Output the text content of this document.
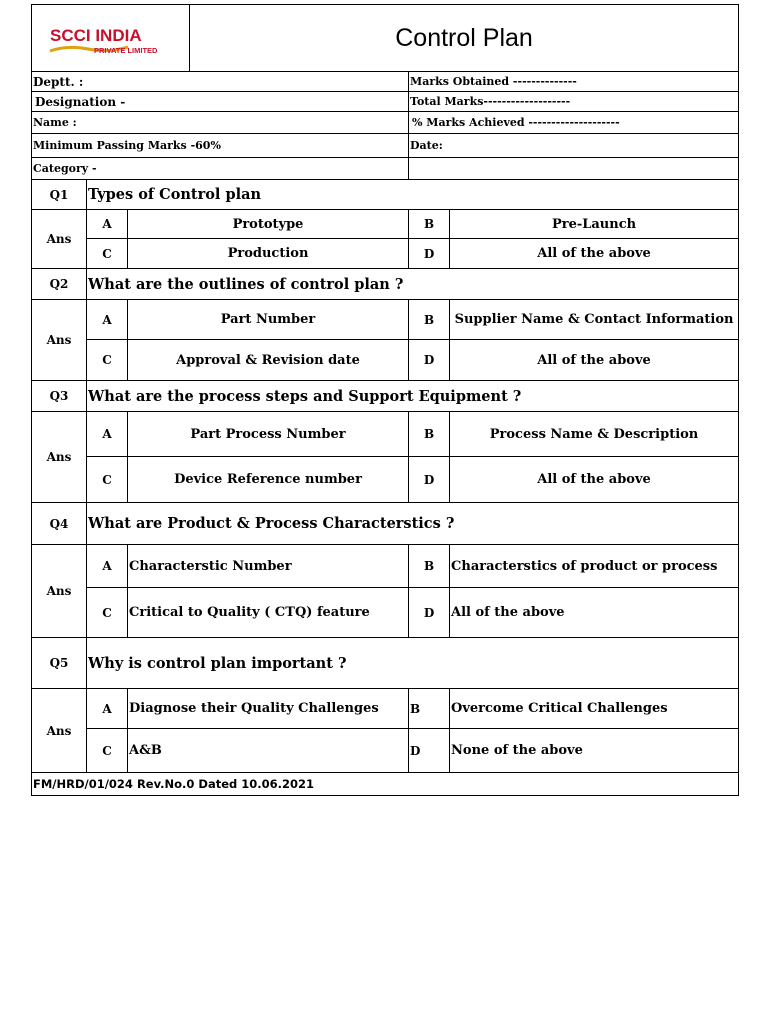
SCCI INDIA
PRIVATE LIMITED			Control Plan		
Deptt. :				Marks Obtained --------------	
Designation -				Total Marks-------------------	
Name :				% Marks Achieved --------------------	
Minimum Passing Marks -60%				Date:	
Category -					
Q1	Types of Control plan				
Ans	A	Prototype		B	Pre-Launch
	C	Production		D	All of the above
Q2	What are the outlines of control plan ?				
Ans	A	Part Number		B	Supplier Name & Contact Information
	C	Approval & Revision date		D	All of the above
Q3	What are the process steps and Support Equipment ?				
Ans	A	Part Process Number		B	Process Name & Description
	C	Device Reference number		D	All of the above
Q4	What are Product & Process Characterstics ?				
Ans	A	Characterstic Number		B	Characterstics of product or process
	C	Critical to Quality ( CTQ) feature		D	All of the above
Q5	Why is control plan important ?				
Ans	A	Diagnose their Quality Challenges		B	Overcome Critical Challenges
	C	A&B		D	None of the above
FM/HRD/01/024 Rev.No.0 Dated 10.06.2021					
